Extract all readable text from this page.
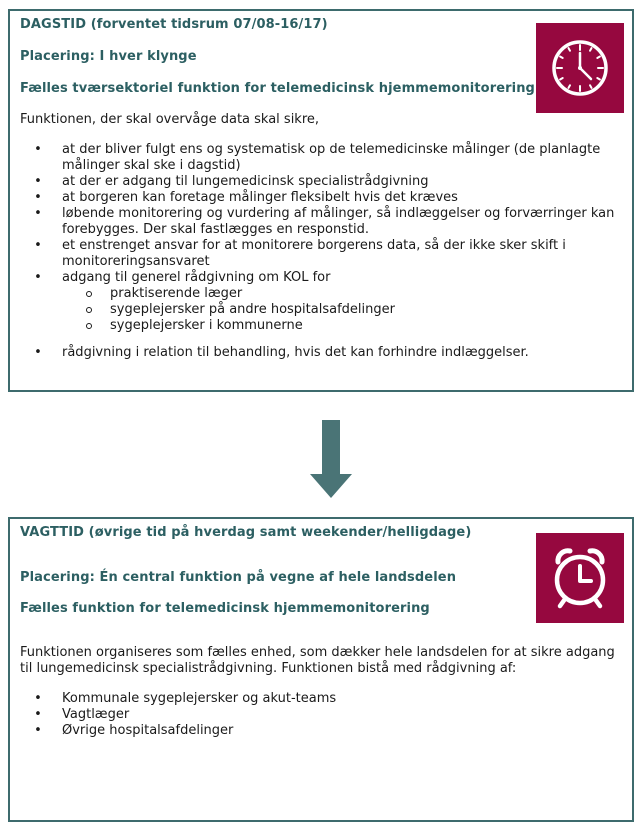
DAGSTID (forventet tidsrum 07/08-16/17)
Placering: I hver klynge
Fælles tværsektoriel funktion for telemedicinsk hjemmemonitorering
Funktionen, der skal overvåge data skal sikre,
• at der bliver fulgt ens og systematisk op de telemedicinske målinger (de planlagte målinger skal ske i dagstid)
• at der er adgang til lungemedicinsk specialistrådgivning
• at borgeren kan foretage målinger fleksibelt hvis det kræves
• løbende monitorering og vurdering af målinger, så indlæggelser og forværringer kan forebygges. Der skal fastlægges en responstid.
• et enstrenget ansvar for at monitorere borgerens data, så der ikke sker skift i monitoreringsansvaret
• adgang til generel rådgivning om KOL for
praktiserende læger
sygeplejersker på andre hospitalsafdelinger
sygeplejersker i kommunerne
• rådgivning i relation til behandling, hvis det kan forhindre indlæggelser.
VAGTTID (øvrige tid på hverdag samt weekender/helligdage)
Placering: Én central funktion på vegne af hele landsdelen
Fælles funktion for telemedicinsk hjemmemonitorering
Funktionen organiseres som fælles enhed, som dækker hele landsdelen for at sikre adgang til lungemedicinsk specialistrådgivning. Funktionen bistå med rådgivning af:
• Kommunale sygeplejersker og akut-teams
• Vagtlæger
• Øvrige hospitalsafdelinger
